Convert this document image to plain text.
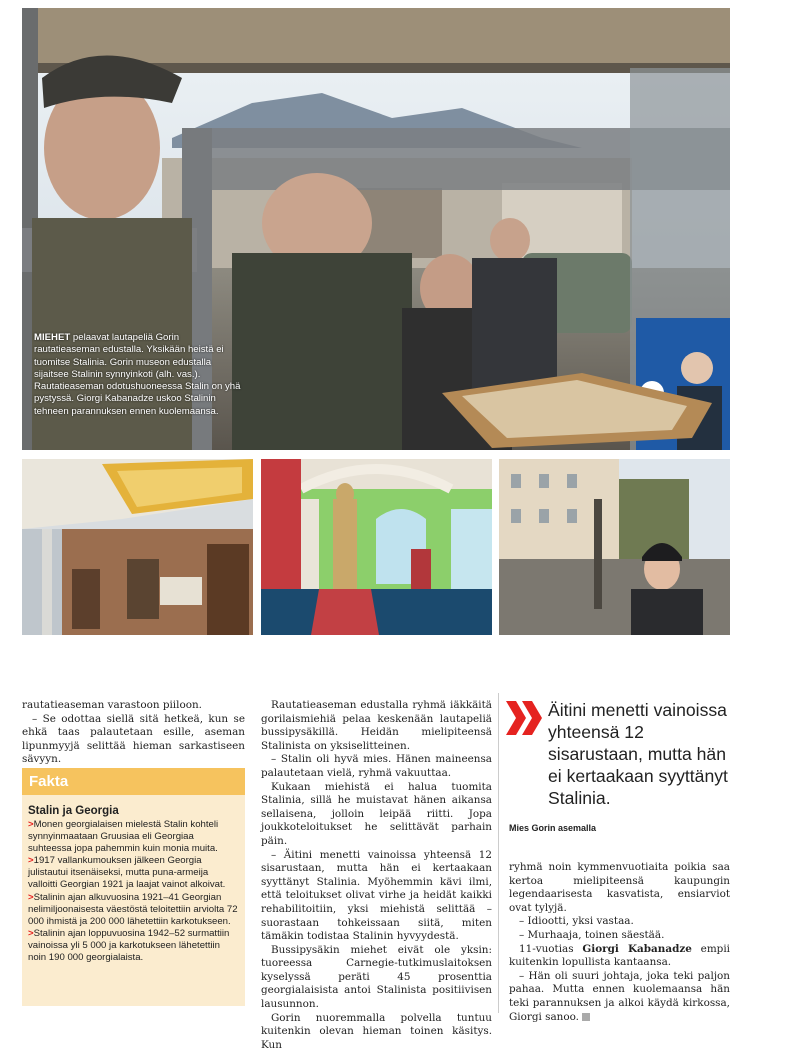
MIEHET pelaavat lautapeliä Gorin rautatieaseman edustalla. Yksikään heistä ei tuomitse Stalinia. Gorin museon edustalla sijaitsee Stalinin synnyinkoti (alh. vas.). Rautatieaseman odotushuoneessa Stalin on yhä pystyssä. Giorgi Kabanadze uskoo Stalinin tehneen parannuksen ennen kuolemaansa.

rautatieaseman varastoon piiloon.

– Se odottaa siellä sitä hetkeä, kun se ehkä taas palautetaan esille, aseman lipunmyyjä selittää hieman sarkastiseen sävyyn.

Fakta
Stalin ja Georgia

>Monen georgialaisen mielestä Stalin kohteli synnyinmaataan Gruusiaa eli Georgiaa suhteessa jopa pahemmin kuin monia muita.

>1917 vallankumouksen jälkeen Georgia julistautui itsenäiseksi, mutta puna-armeija valloitti Georgian 1921 ja laajat vainot alkoivat.

>Stalinin ajan alkuvuosina 1921–41 Georgian nelimiljoonaisesta väestöstä teloitettiin arviolta 72 000 ihmistä ja 200 000 lähetettiin karkotukseen.

>Stalinin ajan loppuvuosina 1942–52 surmattiin vainoissa yli 5 000 ja karkotukseen lähetettiin noin 190 000 georgialaista.

Rautatieaseman edustalla ryhmä iäkkäitä gorilaismiehiä pelaa keskenään lautapeliä bussipysäkillä. Heidän mielipiteensä Stalinista on yksiselitteinen.

– Stalin oli hyvä mies. Hänen maineensa palautetaan vielä, ryhmä vakuuttaa.

Kukaan miehistä ei halua tuomita Stalinia, sillä he muistavat hänen aikansa sellaisena, jolloin leipää riitti. Jopa joukkoteloitukset he selittävät parhain päin.

– Äitini menetti vainoissa yhteensä 12 sisarustaan, mutta hän ei kertaakaan syyttänyt Stalinia. Myöhemmin kävi ilmi, että teloitukset olivat virhe ja heidät kaikki rehabilitoitiin, yksi miehistä selittää – suorastaan tohkeissaan siitä, miten tämäkin todistaa Stalinin hyvyydestä.

Bussipysäkin miehet eivät ole yksin: tuoreessa Carnegie-tutkimuslaitoksen kyselyssä peräti 45 prosenttia georgialaisista antoi Stalinista positiivisen lausunnon.

Gorin nuoremmalla polvella tuntuu kuitenkin olevan hieman toinen käsitys. Kun

Äitini menetti vainoissa yhteensä 12 sisarustaan, mutta hän ei kertaakaan syyttänyt Stalinia.
Mies Gorin asemalla

ryhmä noin kymmenvuotiaita poikia saa kertoa mielipiteensä kaupungin legendaarisesta kasvatista, ensiarviot ovat tylyjä.

– Idiootti, yksi vastaa.

– Murhaaja, toinen säestää.

11-vuotias Giorgi Kabanadze empii kuitenkin lopullista kantaansa.

– Hän oli suuri johtaja, joka teki paljon pahaa. Mutta ennen kuolemaansa hän teki parannuksen ja alkoi käydä kirkossa, Giorgi sanoo.
